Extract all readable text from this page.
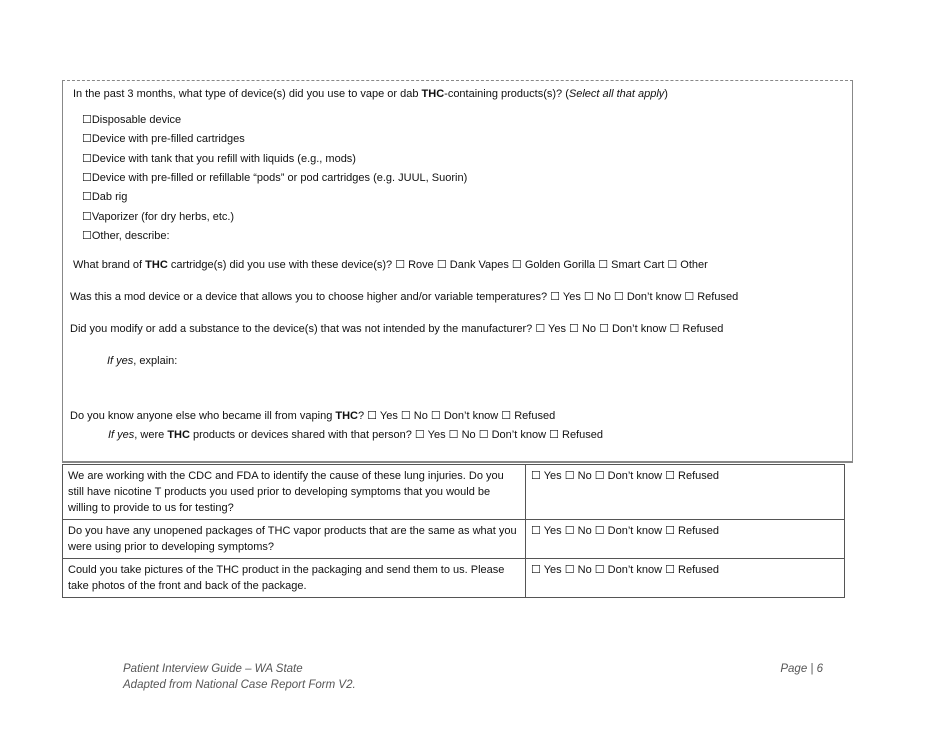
In the past 3 months, what type of device(s) did you use to vape or dab THC-containing products(s)? (Select all that apply)
☐Disposable device
☐Device with pre-filled cartridges
☐Device with tank that you refill with liquids (e.g., mods)
☐Device with pre-filled or refillable “pods” or pod cartridges (e.g. JUUL, Suorin)
☐Dab rig
☐Vaporizer (for dry herbs, etc.)
☐Other, describe:
What brand of THC cartridge(s) did you use with these device(s)? ☐ Rove ☐ Dank Vapes ☐ Golden Gorilla ☐ Smart Cart ☐ Other
Was this a mod device or a device that allows you to choose higher and/or variable temperatures? ☐ Yes ☐ No ☐ Don’t know ☐ Refused
Did you modify or add a substance to the device(s) that was not intended by the manufacturer? ☐ Yes ☐ No ☐ Don’t know ☐ Refused
If yes, explain:
Do you know anyone else who became ill from vaping THC? ☐ Yes ☐ No ☐ Don’t know ☐ Refused
If yes, were THC products or devices shared with that person? ☐ Yes ☐ No ☐ Don’t know ☐ Refused
We are working with the CDC and FDA to identify the cause of these lung injuries. Do you still have nicotine T products you used prior to developing symptoms that you would be willing to provide to us for testing?	☐ Yes ☐ No ☐ Don’t know ☐ Refused
Do you have any unopened packages of THC vapor products that are the same as what you were using prior to developing symptoms?	☐ Yes ☐ No ☐ Don’t know ☐ Refused
Could you take pictures of the THC product in the packaging and send them to us. Please take photos of the front and back of the package.	☐ Yes ☐ No ☐ Don’t know ☐ Refused
Patient Interview Guide – WA State
Adapted from National Case Report Form V2.
Page | 6
